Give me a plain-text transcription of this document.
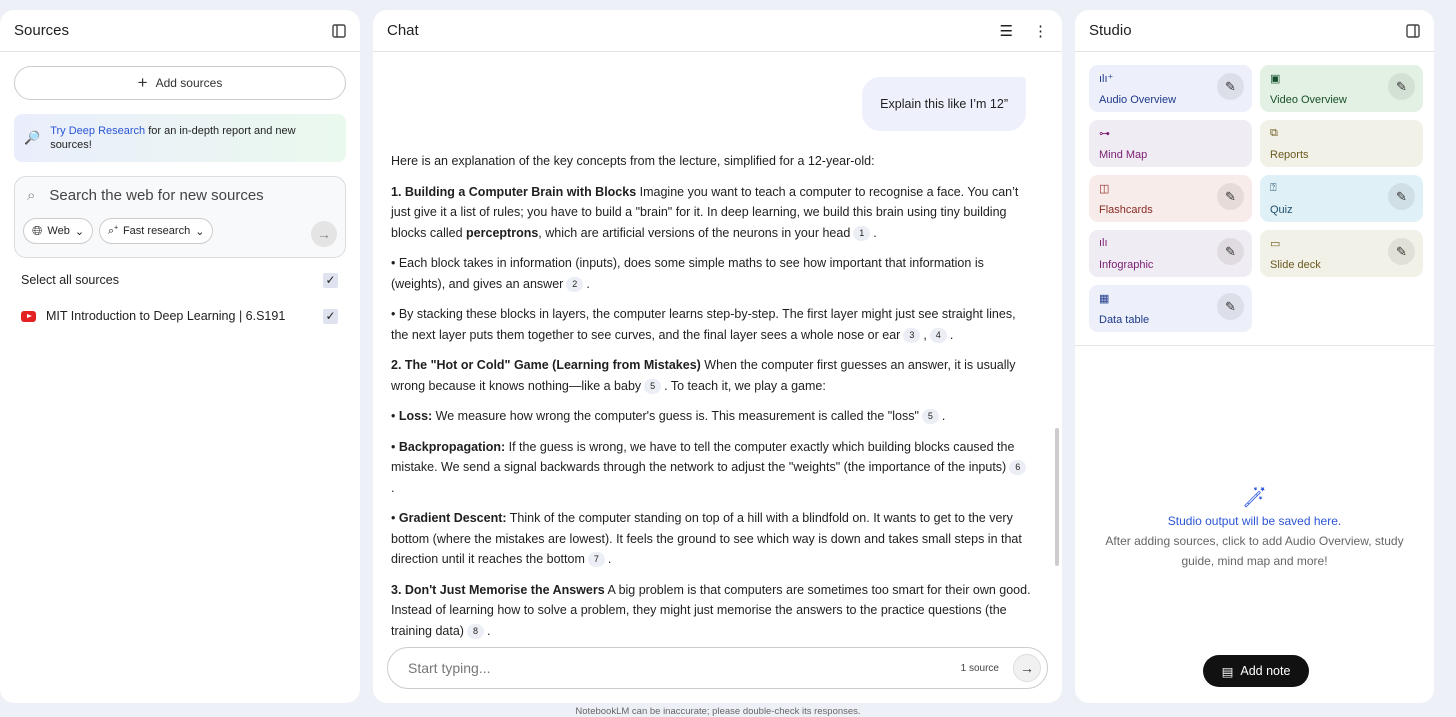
Sources
+ Add sources
🔎 Try Deep Research for an in-depth report and new sources!
⌕ Search the web for new sources
🌐︎ Web ⌄ ⌕⁺ Fast research ⌄	→
Select all sources	✓
MIT Introduction to Deep Learning | 6.S191	✓
Chat	☰ ⋮
Explain this like I’m 12”

Here is an explanation of the key concepts from the lecture, simplified for a 12-year-old:

1. Building a Computer Brain with Blocks Imagine you want to teach a computer to recognise a face. You can’t just give it a list of rules; you have to build a "brain" for it. In deep learning, we build this brain using tiny building blocks called perceptrons, which are artificial versions of the neurons in your head 1 .

• Each block takes in information (inputs), does some simple maths to see how important that information is (weights), and gives an answer 2 .

• By stacking these blocks in layers, the computer learns step-by-step. The first layer might just see straight lines, the next layer puts them together to see curves, and the final layer sees a whole nose or ear 3 , 4 .

2. The "Hot or Cold" Game (Learning from Mistakes) When the computer first guesses an answer, it is usually wrong because it knows nothing—like a baby 5 . To teach it, we play a game:

• Loss: We measure how wrong the computer's guess is. This measurement is called the "loss" 5 .

• Backpropagation: If the guess is wrong, we have to tell the computer exactly which building blocks caused the mistake. We send a signal backwards through the network to adjust the "weights" (the importance of the inputs) 6.

• Gradient Descent: Think of the computer standing on top of a hill with a blindfold on. It wants to get to the very bottom (where the mistakes are lowest). It feels the ground to see which way is down and takes small steps in that direction until it reaches the bottom 7 .

3. Don't Just Memorise the Answers A big problem is that computers are sometimes too smart for their own good. Instead of learning how to solve a problem, they might just memorise the answers to the practice questions (the training data) 8 .

Start typing...	1 source	→
Studio
ılı⁺
Audio Overview
✎	▣
Video Overview
✎
⊶
Mind Map
⧉
Reports
◫
Flashcards
✎
⍰
Quiz
✎
ılı
Infographic
✎	▭
Slide deck
✎
▦
Data table
✎
🪄︎
Studio output will be saved here.
After adding sources, click to add Audio Overview, study guide, mind map and more!
▤ Add note
NotebookLM can be inaccurate; please double-check its responses.
